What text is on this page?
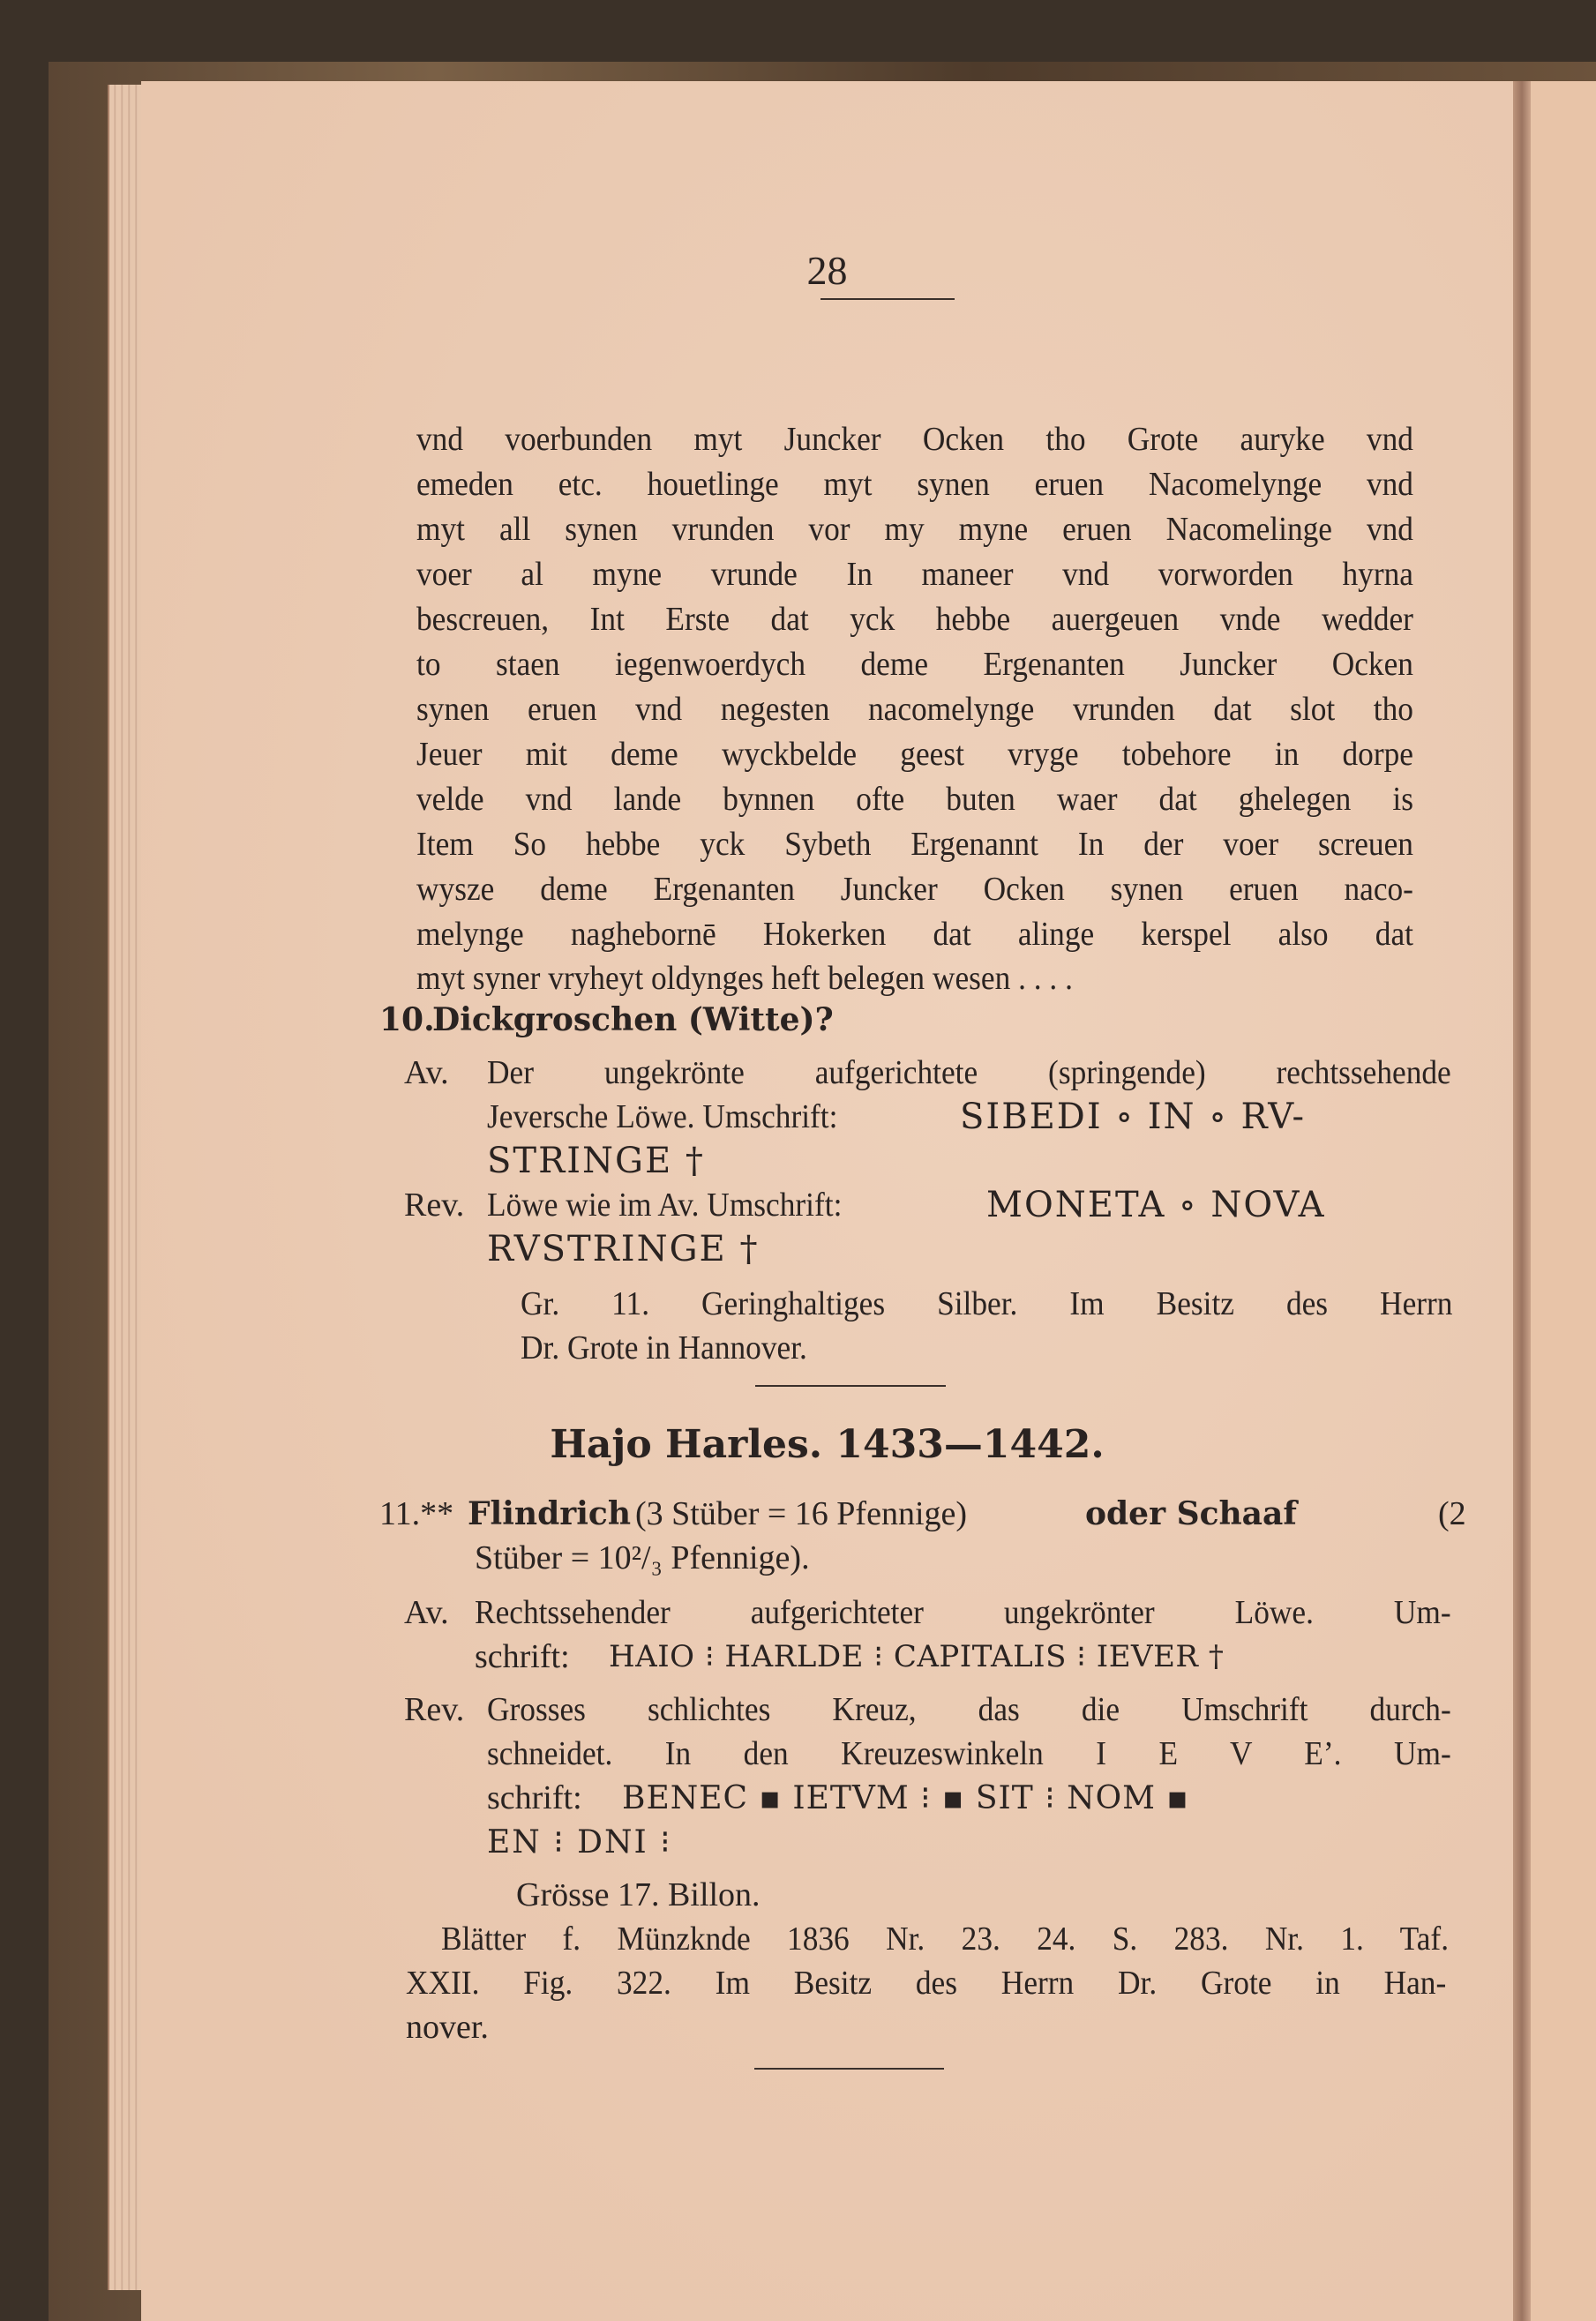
28
vnd voerbunden myt Juncker Ocken tho Grote auryke vnd
emeden etc. houetlinge myt synen eruen Nacomelynge vnd
myt all synen vrunden vor my myne eruen Nacomelinge vnd
voer al myne vrunde In maneer vnd vorworden hyrna
bescreuen, Int Erste dat yck hebbe auergeuen vnde wedder
to staen iegenwoerdych deme Ergenanten Juncker Ocken
synen eruen vnd negesten nacomelynge vrunden dat slot tho
Jeuer mit deme wyckbelde geest vryge tobehore in dorpe
velde vnd lande bynnen ofte buten waer dat ghelegen is
Item So hebbe yck Sybeth Ergenannt In der voer screuen
wysze deme Ergenanten Juncker Ocken synen eruen naco-
melynge naghebornē Hokerken dat alinge kerspel also dat
myt syner vryheyt oldynges heft belegen wesen . . . .
10.
Dickgroschen (Witte)?
Av. Der ungekrönte aufgerichtete (springende) rechtssehende
Jeversche Löwe. Umschrift:	SIBEDI ∘ IN ∘ RV-
STRINGE †
Rev. Löwe wie im Av. Umschrift:	MONETA ∘ NOVA
RVSTRINGE †
Gr. 11. Geringhaltiges Silber. Im Besitz des Herrn
Dr. Grote in Hannover.
Hajo Harles. 1433—1442.
11.** Flindrich (3 Stüber = 16 Pfennige)	oder Schaaf	(2
Stüber = 10²/₃ Pfennige).
Av. Rechtssehender aufgerichteter ungekrönter Löwe. Um-
schrift: HAIO ⁝ HARLDE ⁝ CAPITALIS ⁝ IEVER †
Rev. Grosses schlichtes Kreuz, das die Umschrift durch-
schneidet. In den Kreuzeswinkeln I E V E’. Um-
schrift: BENEC ▪ IETVM ⁝ ▪ SIT ⁝ NOM ▪
EN ⁝ DNI ⁝
Grösse 17. Billon.
Blätter f. Münzknde 1836 Nr. 23. 24. S. 283. Nr. 1. Taf.
XXII. Fig. 322. Im Besitz des Herrn Dr. Grote in Han-
nover.
